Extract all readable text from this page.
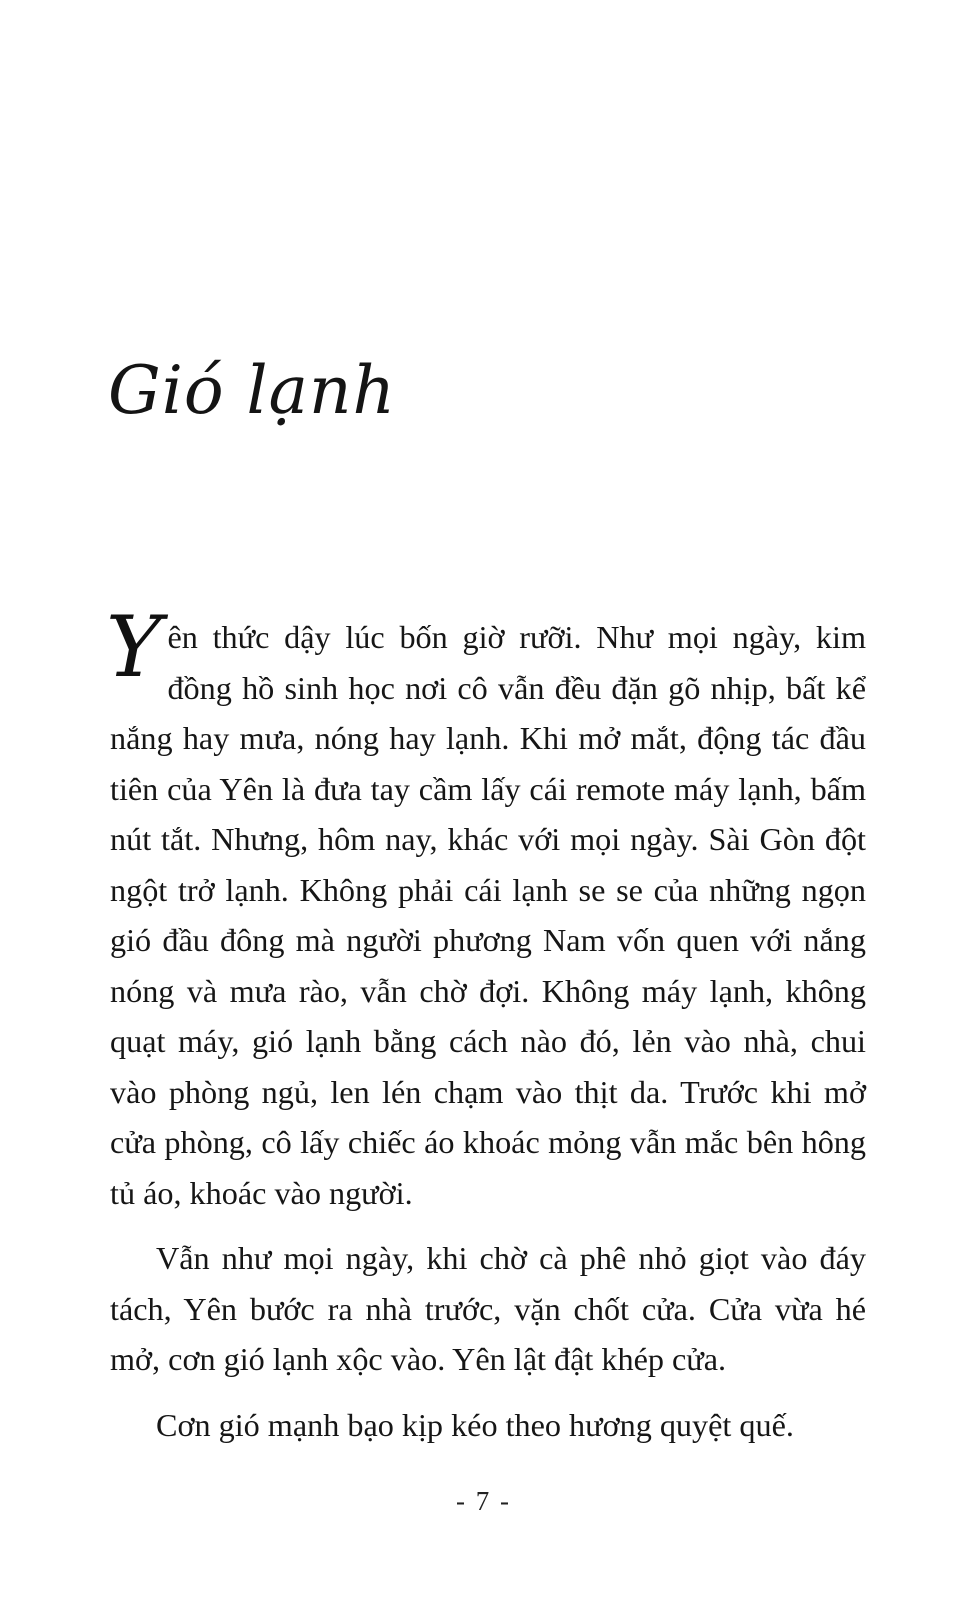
Gió lạnh

Yên thức dậy lúc bốn giờ rưỡi. Như mọi ngày, kim đồng hồ sinh học nơi cô vẫn đều đặn gõ nhịp, bất kể nắng hay mưa, nóng hay lạnh. Khi mở mắt, động tác đầu tiên của Yên là đưa tay cầm lấy cái remote máy lạnh, bấm nút tắt. Nhưng, hôm nay, khác với mọi ngày. Sài Gòn đột ngột trở lạnh. Không phải cái lạnh se se của những ngọn gió đầu đông mà người phương Nam vốn quen với nắng nóng và mưa rào, vẫn chờ đợi. Không máy lạnh, không quạt máy, gió lạnh bằng cách nào đó, lẻn vào nhà, chui vào phòng ngủ, len lén chạm vào thịt da. Trước khi mở cửa phòng, cô lấy chiếc áo khoác mỏng vẫn mắc bên hông tủ áo, khoác vào người.

Vẫn như mọi ngày, khi chờ cà phê nhỏ giọt vào đáy tách, Yên bước ra nhà trước, vặn chốt cửa. Cửa vừa hé mở, cơn gió lạnh xộc vào. Yên lật đật khép cửa.

Cơn gió mạnh bạo kịp kéo theo hương quyệt quế.

- 7 -
